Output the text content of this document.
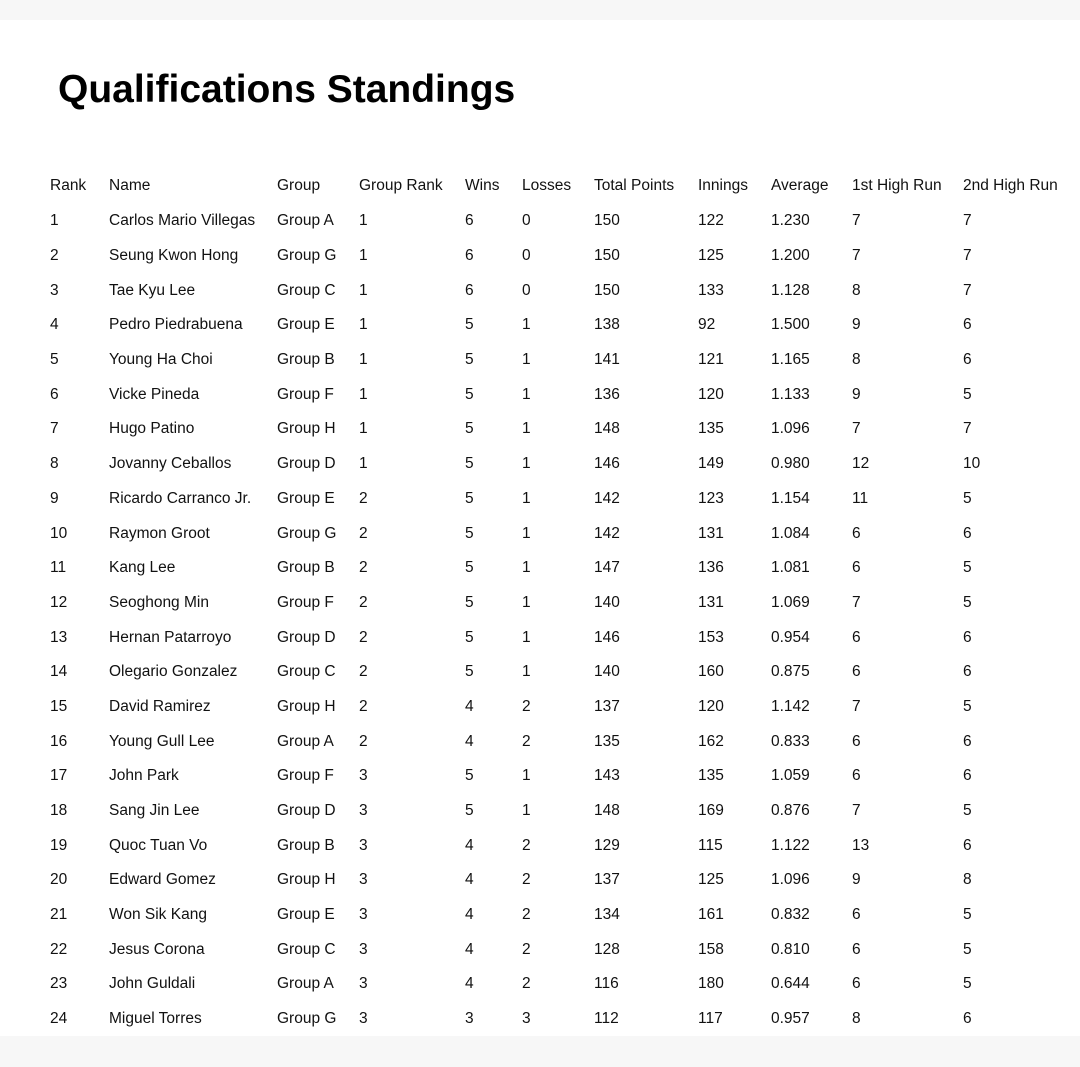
Qualifications Standings
Rank	Name	Group	Group Rank	Wins	Losses	Total Points	Innings	Average	1st High Run	2nd High Run
1	Carlos Mario Villegas	Group A	1	6	0	150	122	1.230	7	7
2	Seung Kwon Hong	Group G	1	6	0	150	125	1.200	7	7
3	Tae Kyu Lee	Group C	1	6	0	150	133	1.128	8	7
4	Pedro Piedrabuena	Group E	1	5	1	138	92	1.500	9	6
5	Young Ha Choi	Group B	1	5	1	141	121	1.165	8	6
6	Vicke Pineda	Group F	1	5	1	136	120	1.133	9	5
7	Hugo Patino	Group H	1	5	1	148	135	1.096	7	7
8	Jovanny Ceballos	Group D	1	5	1	146	149	0.980	12	10
9	Ricardo Carranco Jr.	Group E	2	5	1	142	123	1.154	11	5
10	Raymon Groot	Group G	2	5	1	142	131	1.084	6	6
11	Kang Lee	Group B	2	5	1	147	136	1.081	6	5
12	Seoghong Min	Group F	2	5	1	140	131	1.069	7	5
13	Hernan Patarroyo	Group D	2	5	1	146	153	0.954	6	6
14	Olegario Gonzalez	Group C	2	5	1	140	160	0.875	6	6
15	David Ramirez	Group H	2	4	2	137	120	1.142	7	5
16	Young Gull Lee	Group A	2	4	2	135	162	0.833	6	6
17	John Park	Group F	3	5	1	143	135	1.059	6	6
18	Sang Jin Lee	Group D	3	5	1	148	169	0.876	7	5
19	Quoc Tuan Vo	Group B	3	4	2	129	115	1.122	13	6
20	Edward Gomez	Group H	3	4	2	137	125	1.096	9	8
21	Won Sik Kang	Group E	3	4	2	134	161	0.832	6	5
22	Jesus Corona	Group C	3	4	2	128	158	0.810	6	5
23	John Guldali	Group A	3	4	2	116	180	0.644	6	5
24	Miguel Torres	Group G	3	3	3	112	117	0.957	8	6
